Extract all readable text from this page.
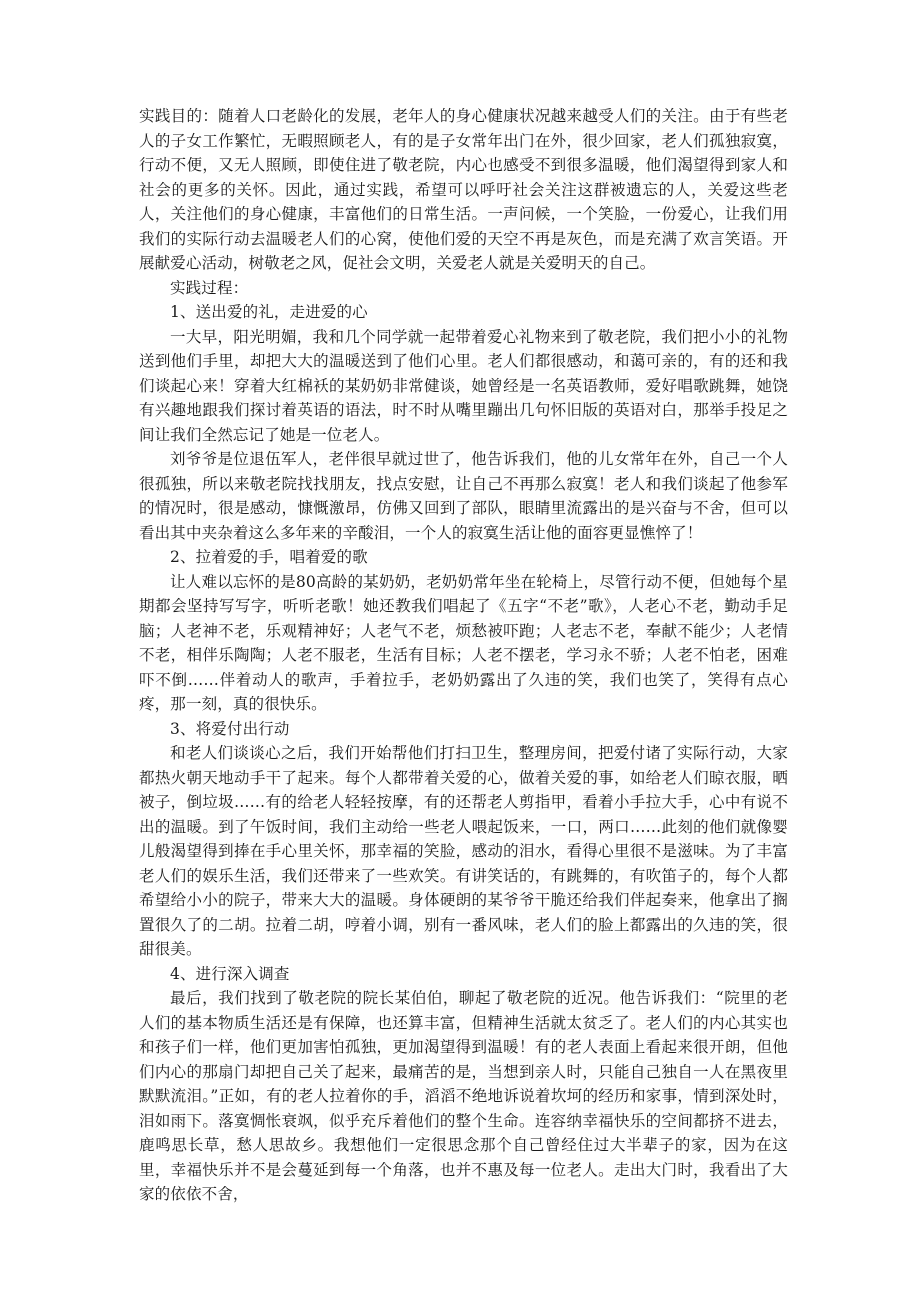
实践目的：随着人口老龄化的发展，老年人的身心健康状况越来越受人们的关注。由于有些老人的子女工作繁忙，无暇照顾老人，有的是子女常年出门在外，很少回家，老人们孤独寂寞，行动不便，又无人照顾，即使住进了敬老院，内心也感受不到很多温暖，他们渴望得到家人和社会的更多的关怀。因此，通过实践，希望可以呼吁社会关注这群被遗忘的人，关爱这些老人，关注他们的身心健康，丰富他们的日常生活。一声问候，一个笑脸，一份爱心，让我们用我们的实际行动去温暖老人们的心窝，使他们爱的天空不再是灰色，而是充满了欢言笑语。开展献爱心活动，树敬老之风，促社会文明，关爱老人就是关爱明天的自己。

实践过程：

1、送出爱的礼，走进爱的心

一大早，阳光明媚，我和几个同学就一起带着爱心礼物来到了敬老院，我们把小小的礼物送到他们手里，却把大大的温暖送到了他们心里。老人们都很感动，和蔼可亲的，有的还和我们谈起心来！穿着大红棉袄的某奶奶非常健谈，她曾经是一名英语教师，爱好唱歌跳舞，她饶有兴趣地跟我们探讨着英语的语法，时不时从嘴里蹦出几句怀旧版的英语对白，那举手投足之间让我们全然忘记了她是一位老人。

刘爷爷是位退伍军人，老伴很早就过世了，他告诉我们，他的儿女常年在外，自己一个人很孤独，所以来敬老院找找朋友，找点安慰，让自己不再那么寂寞！老人和我们谈起了他参军的情况时，很是感动，慷慨激昂，仿佛又回到了部队，眼睛里流露出的是兴奋与不舍，但可以看出其中夹杂着这么多年来的辛酸泪，一个人的寂寞生活让他的面容更显憔悴了！

2、拉着爱的手，唱着爱的歌

让人难以忘怀的是80高龄的某奶奶，老奶奶常年坐在轮椅上，尽管行动不便，但她每个星期都会坚持写写字，听听老歌！她还教我们唱起了《五字“不老”歌》，人老心不老，勤动手足脑；人老神不老，乐观精神好；人老气不老，烦愁被吓跑；人老志不老，奉献不能少；人老情不老，相伴乐陶陶；人老不服老，生活有目标；人老不摆老，学习永不骄；人老不怕老，困难吓不倒……伴着动人的歌声，手着拉手，老奶奶露出了久违的笑，我们也笑了，笑得有点心疼，那一刻，真的很快乐。

3、将爱付出行动

和老人们谈谈心之后，我们开始帮他们打扫卫生，整理房间，把爱付诸了实际行动，大家都热火朝天地动手干了起来。每个人都带着关爱的心，做着关爱的事，如给老人们晾衣服，晒被子，倒垃圾……有的给老人轻轻按摩，有的还帮老人剪指甲，看着小手拉大手，心中有说不出的温暖。到了午饭时间，我们主动给一些老人喂起饭来，一口，两口……此刻的他们就像婴儿般渴望得到捧在手心里关怀，那幸福的笑脸，感动的泪水，看得心里很不是滋味。为了丰富老人们的娱乐生活，我们还带来了一些欢笑。有讲笑话的，有跳舞的，有吹笛子的，每个人都希望给小小的院子，带来大大的温暖。身体硬朗的某爷爷干脆还给我们伴起奏来，他拿出了搁置很久了的二胡。拉着二胡，哼着小调，别有一番风味，老人们的脸上都露出的久违的笑，很甜很美。

4、进行深入调查

最后，我们找到了敬老院的院长某伯伯，聊起了敬老院的近况。他告诉我们：“院里的老人们的基本物质生活还是有保障，也还算丰富，但精神生活就太贫乏了。老人们的内心其实也和孩子们一样，他们更加害怕孤独，更加渴望得到温暖！有的老人表面上看起来很开朗，但他们内心的那扇门却把自己关了起来，最痛苦的是，当想到亲人时，只能自己独自一人在黑夜里默默流泪。”正如，有的老人拉着你的手，滔滔不绝地诉说着坎坷的经历和家事，情到深处时，泪如雨下。落寞惆怅衰飒，似乎充斥着他们的整个生命。连容纳幸福快乐的空间都挤不进去，鹿鸣思长草，愁人思故乡。我想他们一定很思念那个自己曾经住过大半辈子的家，因为在这里，幸福快乐并不是会蔓延到每一个角落，也并不惠及每一位老人。走出大门时，我看出了大家的依依不舍，
